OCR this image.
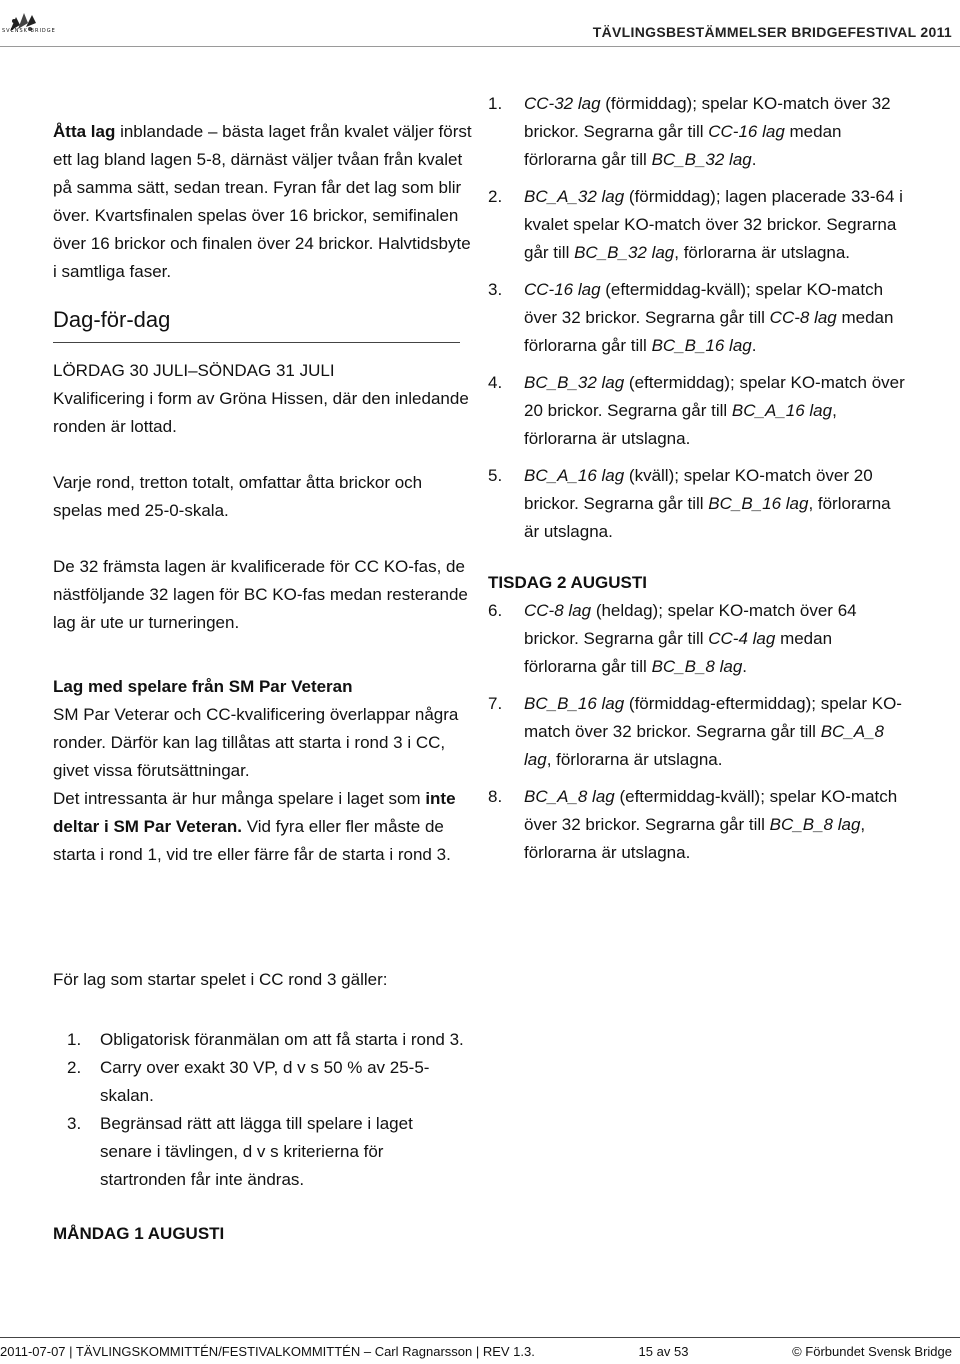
SVENSK BRIDGE	TÄVLINGSBESTÄMMELSER BRIDGEFESTIVAL 2011

Åtta lag inblandade – bästa laget från kvalet väljer först ett lag bland lagen 5-8, därnäst väljer tvåan från kvalet på samma sätt, sedan trean. Fyran får det lag som blir över. Kvartsfinalen spelas över 16 brickor, semifinalen över 16 brickor och finalen över 24 brickor. Halvtidsbyte i samtliga faser.

Dag-för-dag
LÖRDAG 30 JULI–SÖNDAG 31 JULI

Kvalificering i form av Gröna Hissen, där den inledande ronden är lottad.

Varje rond, tretton totalt, omfattar åtta brickor och spelas med 25-0-skala.

De 32 främsta lagen är kvalificerade för CC KO-fas, de nästföljande 32 lagen för BC KO-fas medan resterande lag är ute ur turneringen.

Lag med spelare från SM Par Veteran

SM Par Veterar och CC-kvalificering överlappar några ronder. Därför kan lag tillåtas att starta i rond 3 i CC, givet vissa förutsättningar.

Det intressanta är hur många spelare i laget som inte deltar i SM Par Veteran. Vid fyra eller fler måste de starta i rond 1, vid tre eller färre får de starta i rond 3.

1. CC-32 lag (förmiddag); spelar KO-match över 32 brickor. Segrarna går till CC-16 lag medan förlorarna går till BC_B_32 lag.
2. BC_A_32 lag (förmiddag); lagen placerade 33-64 i kvalet spelar KO-match över 32 brickor. Segrarna går till BC_B_32 lag, förlorarna är utslagna.
3. CC-16 lag (eftermiddag-kväll); spelar KO-match över 32 brickor. Segrarna går till CC-8 lag medan förlorarna går till BC_B_16 lag.
4. BC_B_32 lag (eftermiddag); spelar KO-match över 20 brickor. Segrarna går till BC_A_16 lag, förlorarna är utslagna.
5. BC_A_16 lag (kväll); spelar KO-match över 20 brickor. Segrarna går till BC_B_16 lag, förlorarna är utslagna.
TISDAG 2 AUGUSTI
6. CC-8 lag (heldag); spelar KO-match över 64 brickor. Segrarna går till CC-4 lag medan förlorarna går till BC_B_8 lag.
7. BC_B_16 lag (förmiddag-eftermiddag); spelar KO-match över 32 brickor. Segrarna går till BC_A_8 lag, förlorarna är utslagna.
8. BC_A_8 lag (eftermiddag-kväll); spelar KO-match över 32 brickor. Segrarna går till BC_B_8 lag, förlorarna är utslagna.

För lag som startar spelet i CC rond 3 gäller:

1. Obligatorisk föranmälan om att få starta i rond 3.
2. Carry over exakt 30 VP, d v s 50 % av 25-5-skalan.
3. Begränsad rätt att lägga till spelare i laget senare i tävlingen, d v s kriterierna för startronden får inte ändras.
MÅNDAG 1 AUGUSTI
2011-07-07 | TÄVLINGSKOMMITTÉN/FESTIVALKOMMITTÉN – Carl Ragnarsson | REV 1.3.	15 av 53	© Förbundet Svensk Bridge
